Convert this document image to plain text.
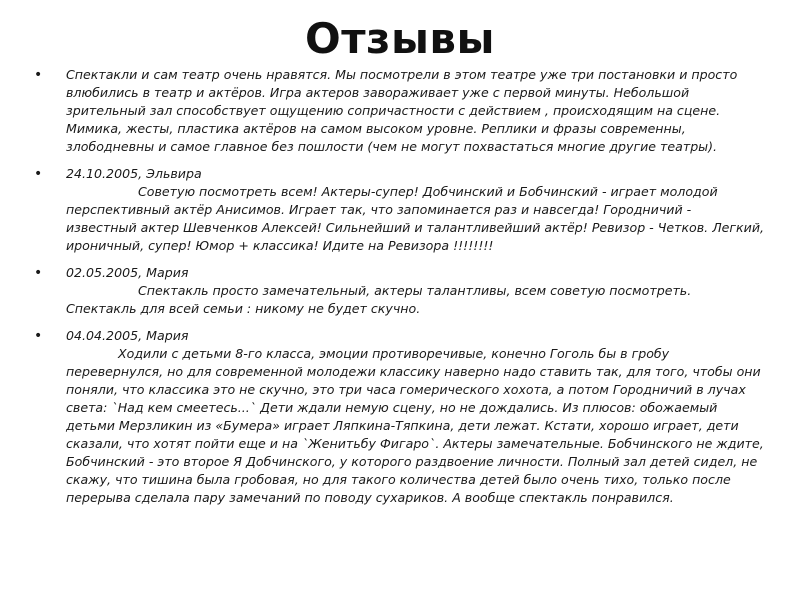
Отзывы
• Спектакли и сам театр очень нравятся. Мы посмотрели в этом театре уже три постановки и просто влюбились в театр и актёров. Игра актеров завораживает уже с первой минуты. Небольшой зрительный зал способствует ощущению сопричастности с действием , происходящим на сцене. Мимика, жесты, пластика актёров на самом высоком уровне. Реплики и фразы современны, злободневны и самое главное без пошлости (чем не могут похвастаться многие другие театры).
• 24.10.2005, Эльвира
Советую посмотреть всем! Актеры-супер! Добчинский и Бобчинский - играет молодой перспективный актёр Анисимов. Играет так, что запоминается раз и навсегда! Городничий - известный актер Шевченков Алексей! Сильнейший и талантливейший актёр! Ревизор - Четков. Легкий, ироничный, супер! Юмор + классика! Идите на Ревизора !!!!!!!!
• 02.05.2005, Мария
Спектакль просто замечательный, актеры талантливы, всем советую посмотреть. Спектакль для всей семьи : никому не будет скучно.
• 04.04.2005, Мария
Ходили с детьми 8-го класса, эмоции противоречивые, конечно Гоголь бы в гробу перевернулся, но для современной молодежи классику наверно надо ставить так, для того, чтобы они поняли, что классика это не скучно, это три часа гомерического хохота, а потом Городничий в лучах света: `Над кем смеетесь...` Дети ждали немую сцену, но не дождались. Из плюсов: обожаемый детьми Мерзликин из «Бумера» играет Ляпкина-Тяпкина, дети лежат. Кстати, хорошо играет, дети сказали, что хотят пойти еще и на `Женитьбу Фигаро`. Актеры замечательные. Бобчинского не ждите, Бобчинский - это второе Я Добчинского, у которого раздвоение личности. Полный зал детей сидел, не скажу, что тишина была гробовая, но для такого количества детей было очень тихо, только после перерыва сделала пару замечаний по поводу сухариков. А вообще спектакль понравился.
